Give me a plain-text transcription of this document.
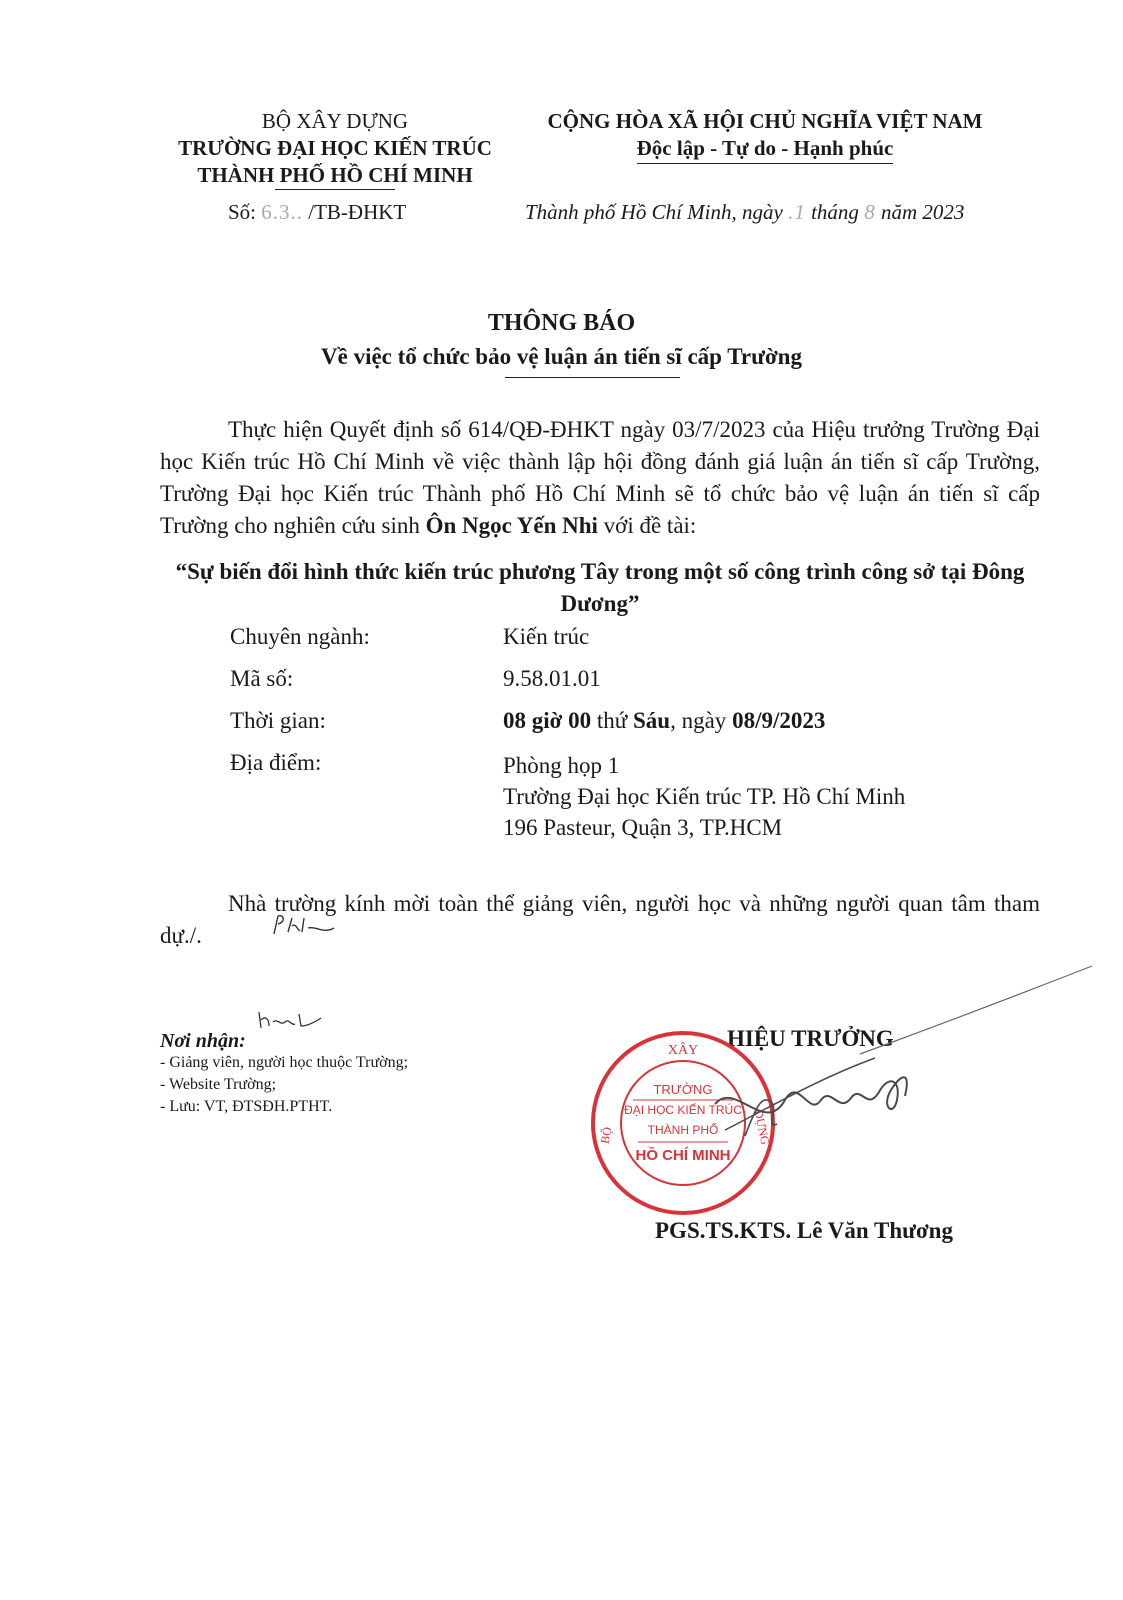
BỘ XÂY DỰNG
TRƯỜNG ĐẠI HỌC KIẾN TRÚC
THÀNH PHỐ HỒ CHÍ MINH
Số: 6.3.. /TB-ĐHKT
CỘNG HÒA XÃ HỘI CHỦ NGHĨA VIỆT NAM
Độc lập - Tự do - Hạnh phúc
Thành phố Hồ Chí Minh, ngày .1 tháng 8 năm 2023
THÔNG BÁO
Về việc tổ chức bảo vệ luận án tiến sĩ cấp Trường
Thực hiện Quyết định số 614/QĐ-ĐHKT ngày 03/7/2023 của Hiệu trưởng Trường Đại học Kiến trúc Hồ Chí Minh về việc thành lập hội đồng đánh giá luận án tiến sĩ cấp Trường, Trường Đại học Kiến trúc Thành phố Hồ Chí Minh sẽ tổ chức bảo vệ luận án tiến sĩ cấp Trường cho nghiên cứu sinh Ôn Ngọc Yến Nhi với đề tài:
“Sự biến đổi hình thức kiến trúc phương Tây trong một số công trình công sở tại Đông Dương”
Chuyên ngành:	Kiến trúc
Mã số:	9.58.01.01
Thời gian:	08 giờ 00 thứ Sáu, ngày 08/9/2023
Địa điểm:	Phòng họp 1
Trường Đại học Kiến trúc TP. Hồ Chí Minh
196 Pasteur, Quận 3, TP.HCM
Nhà trường kính mời toàn thể giảng viên, người học và những người quan tâm tham dự./.
Nơi nhận:
- Giảng viên, người học thuộc Trường;
- Website Trường;
- Lưu: VT, ĐTSĐH.PTHT.
HIỆU TRƯỞNG
XÂY
BỘ	DỰNG
TRƯỜNG
ĐẠI HỌC KIẾN TRÚC
THÀNH PHỐ
HỒ CHÍ MINH
PGS.TS.KTS. Lê Văn Thương
